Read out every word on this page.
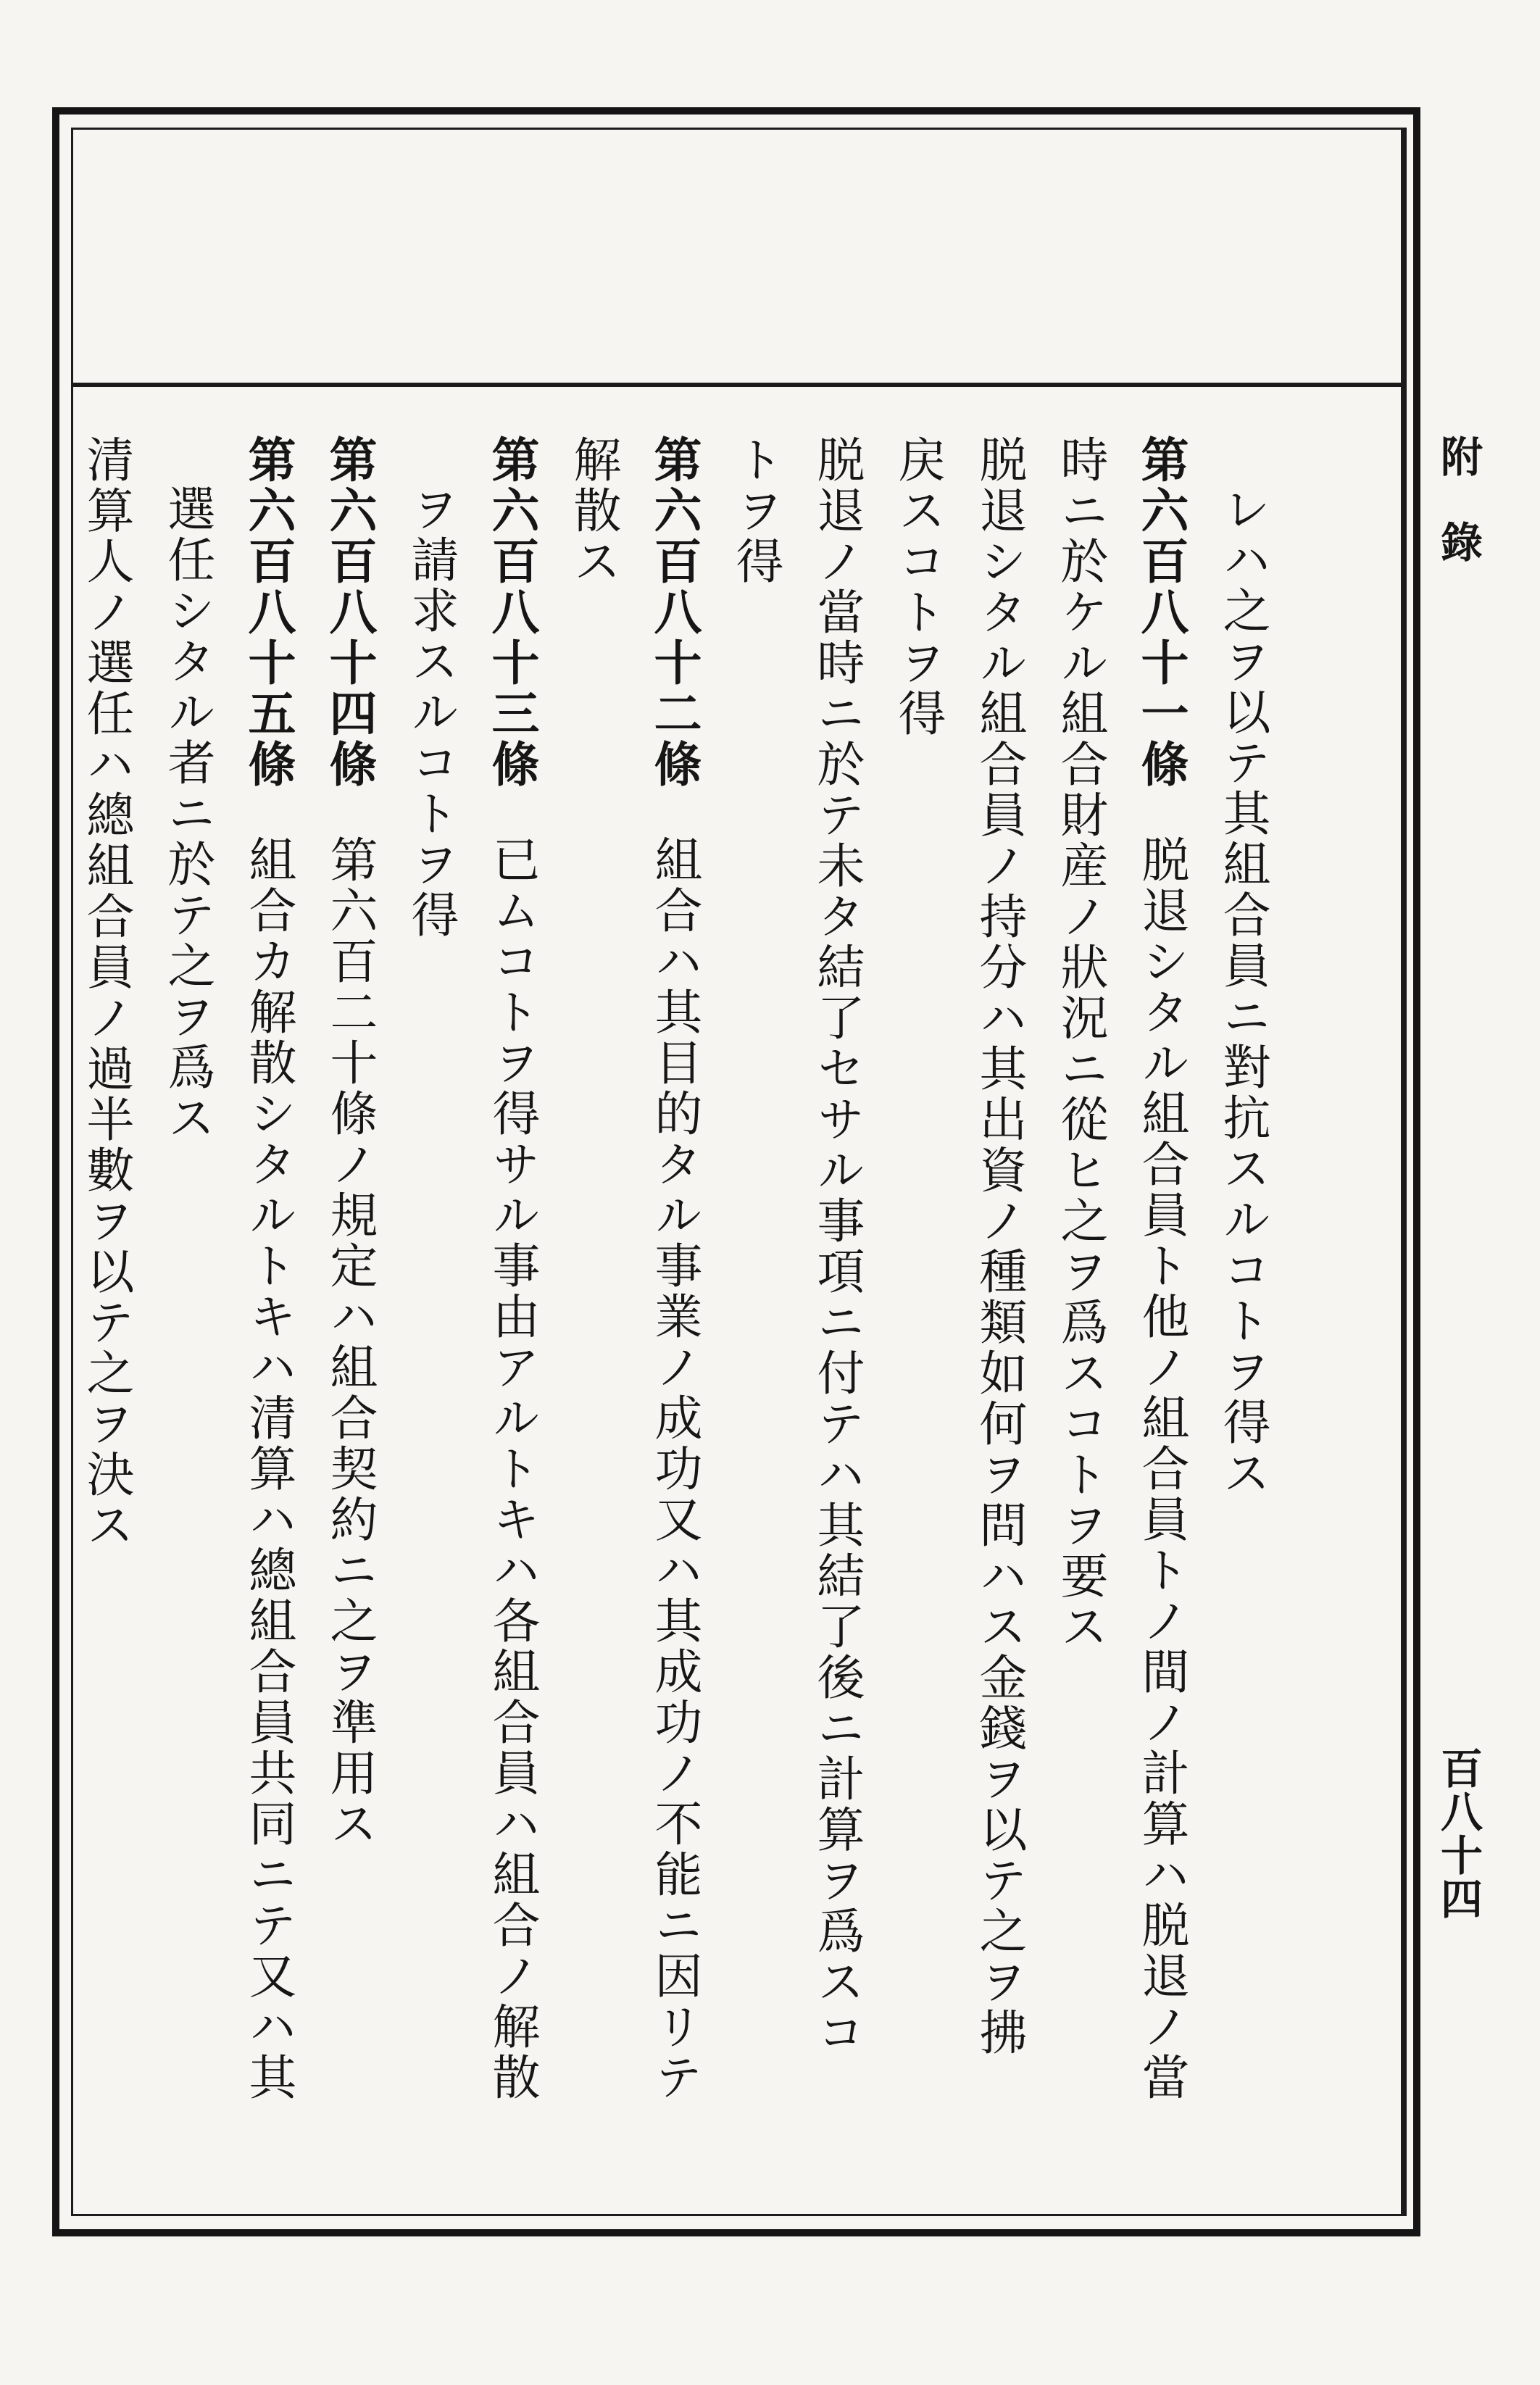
附錄
百八十四

レハ之ヲ以テ其組合員ニ對抗スルコトヲ得ス

第六百八十一條脱退シタル組合員ト他ノ組合員トノ間ノ計算ハ脱退ノ當

時ニ於ケル組合財産ノ狀況ニ從ヒ之ヲ爲スコトヲ要ス

脱退シタル組合員ノ持分ハ其出資ノ種類如何ヲ問ハス金錢ヲ以テ之ヲ拂

戻スコトヲ得

脱退ノ當時ニ於テ未タ結了セサル事項ニ付テハ其結了後ニ計算ヲ爲スコ

トヲ得

第六百八十二條組合ハ其目的タル事業ノ成功又ハ其成功ノ不能ニ因リテ

解散ス

第六百八十三條已ムコトヲ得サル事由アルトキハ各組合員ハ組合ノ解散

ヲ請求スルコトヲ得

第六百八十四條第六百二十條ノ規定ハ組合契約ニ之ヲ準用ス

第六百八十五條組合カ解散シタルトキハ清算ハ總組合員共同ニテ又ハ其

選任シタル者ニ於テ之ヲ爲ス

清算人ノ選任ハ總組合員ノ過半數ヲ以テ之ヲ決ス
